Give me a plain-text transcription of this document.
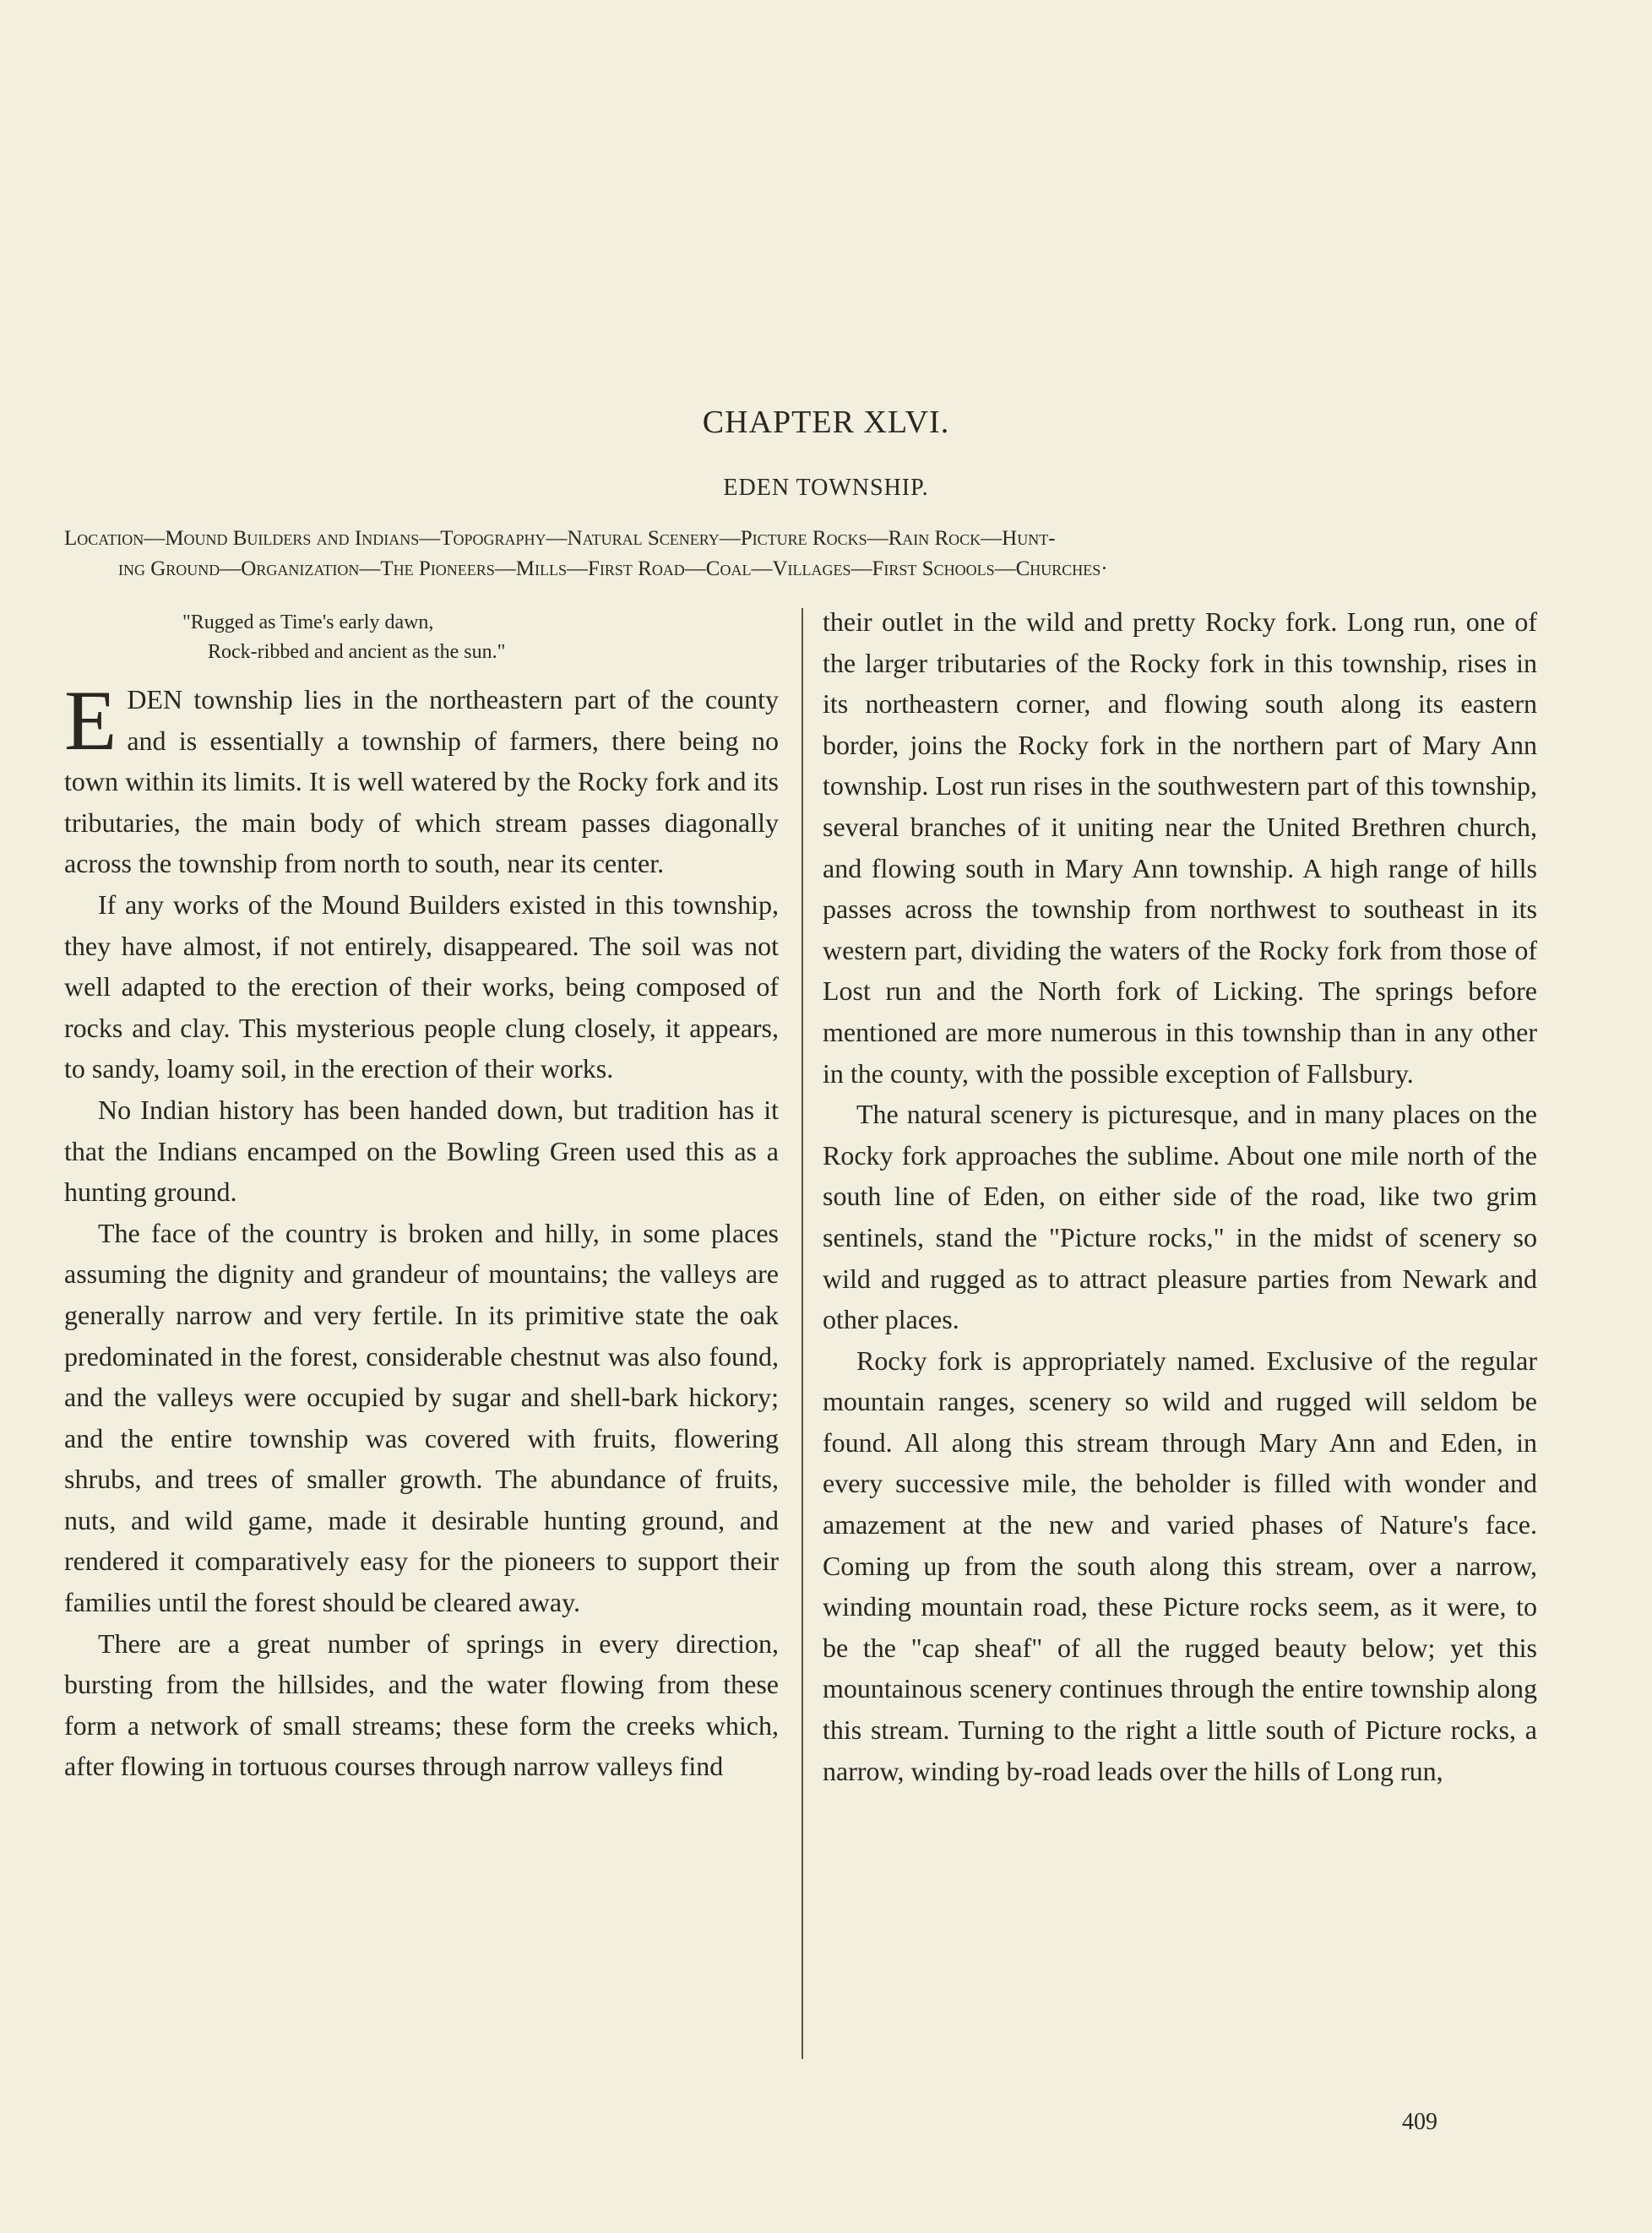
CHAPTER XLVI.
EDEN TOWNSHIP.
Location—Mound Builders and Indians—Topography—Natural Scenery—Picture Rocks—Rain Rock—Hunt-
ing Ground—Organization—The Pioneers—Mills—First Road—Coal—Villages—First Schools—Churches·
"Rugged as Time's early dawn,
Rock-ribbed and ancient as the sun."

EDEN township lies in the northeastern part of the county and is essentially a township of farmers, there being no town within its limits. It is well watered by the Rocky fork and its tributaries, the main body of which stream passes diagonally across the township from north to south, near its center.

If any works of the Mound Builders existed in this township, they have almost, if not entirely, disappeared. The soil was not well adapted to the erection of their works, being composed of rocks and clay. This mysterious people clung closely, it appears, to sandy, loamy soil, in the erection of their works.

No Indian history has been handed down, but tradition has it that the Indians encamped on the Bowling Green used this as a hunting ground.

The face of the country is broken and hilly, in some places assuming the dignity and grandeur of mountains; the valleys are generally narrow and very fertile. In its primitive state the oak predominated in the forest, considerable chestnut was also found, and the valleys were occupied by sugar and shell-bark hickory; and the entire township was covered with fruits, flowering shrubs, and trees of smaller growth. The abundance of fruits, nuts, and wild game, made it desirable hunting ground, and rendered it comparatively easy for the pioneers to support their families until the forest should be cleared away.

There are a great number of springs in every direction, bursting from the hillsides, and the water flowing from these form a network of small streams; these form the creeks which, after flowing in tortuous courses through narrow valleys find

their outlet in the wild and pretty Rocky fork. Long run, one of the larger tributaries of the Rocky fork in this township, rises in its northeastern corner, and flowing south along its eastern border, joins the Rocky fork in the northern part of Mary Ann township. Lost run rises in the southwestern part of this township, several branches of it uniting near the United Brethren church, and flowing south in Mary Ann township. A high range of hills passes across the township from northwest to southeast in its western part, dividing the waters of the Rocky fork from those of Lost run and the North fork of Licking. The springs before mentioned are more numerous in this township than in any other in the county, with the possible exception of Fallsbury.

The natural scenery is picturesque, and in many places on the Rocky fork approaches the sublime. About one mile north of the south line of Eden, on either side of the road, like two grim sentinels, stand the "Picture rocks," in the midst of scenery so wild and rugged as to attract pleasure parties from Newark and other places.

Rocky fork is appropriately named. Exclusive of the regular mountain ranges, scenery so wild and rugged will seldom be found. All along this stream through Mary Ann and Eden, in every successive mile, the beholder is filled with wonder and amazement at the new and varied phases of Nature's face. Coming up from the south along this stream, over a narrow, winding mountain road, these Picture rocks seem, as it were, to be the "cap sheaf" of all the rugged beauty below; yet this mountainous scenery continues through the entire township along this stream. Turning to the right a little south of Picture rocks, a narrow, winding by-road leads over the hills of Long run,

409
